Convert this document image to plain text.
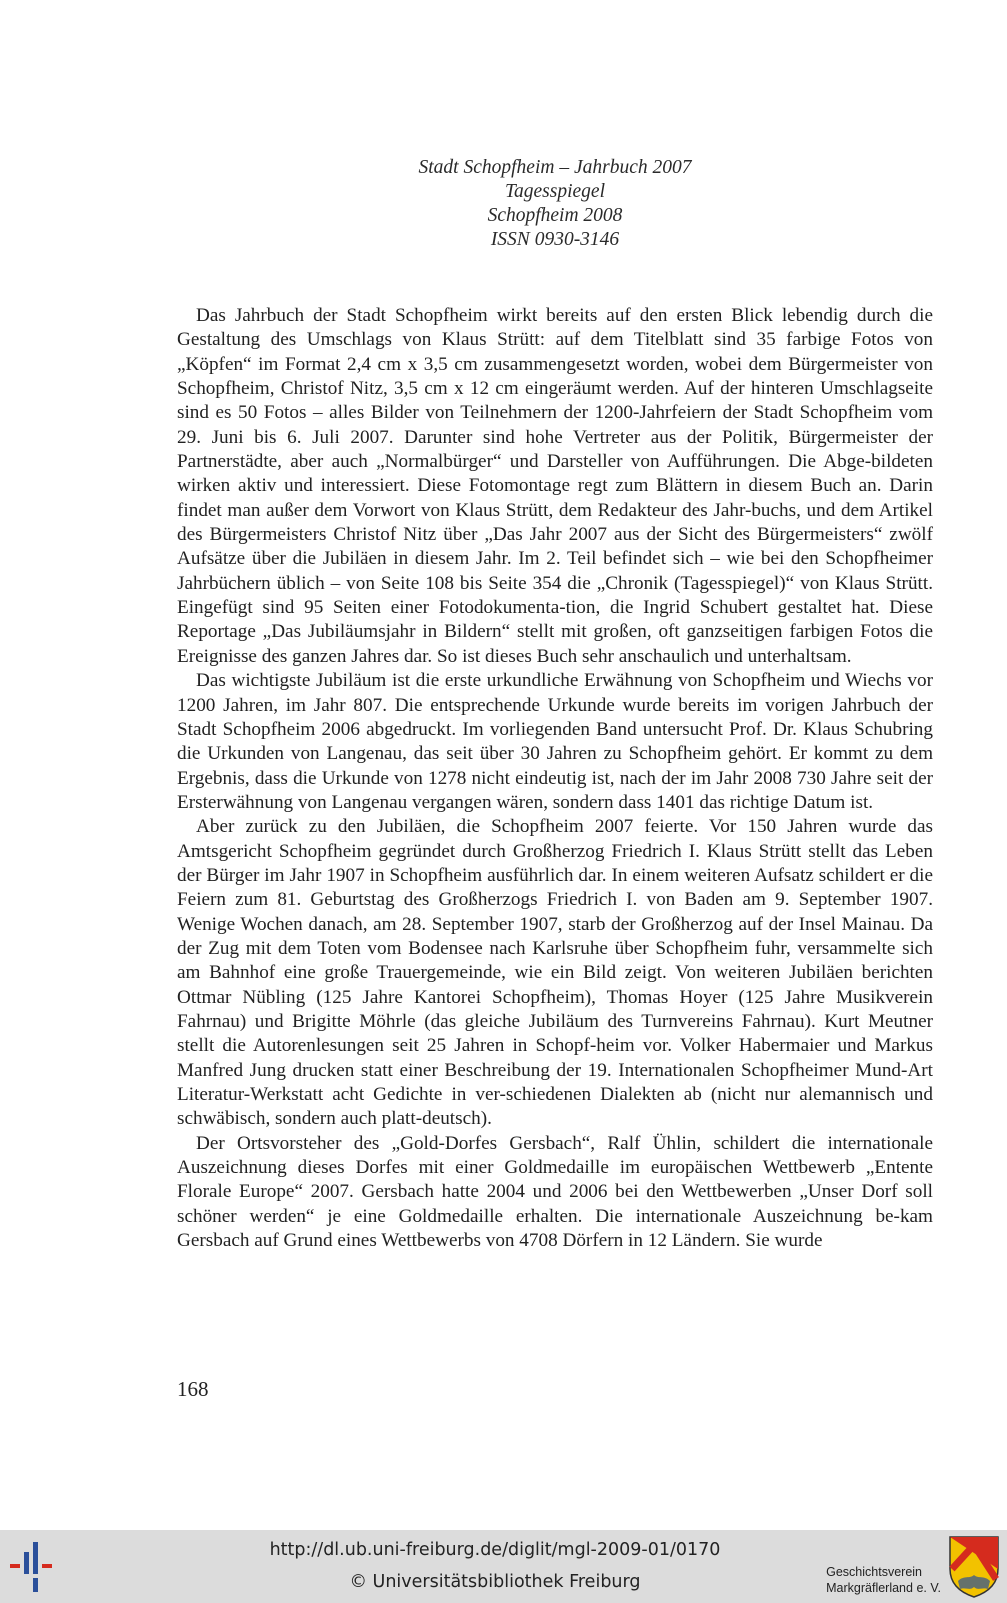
Stadt Schopfheim – Jahrbuch 2007
Tagesspiegel
Schopfheim 2008
ISSN 0930-3146

Das Jahrbuch der Stadt Schopfheim wirkt bereits auf den ersten Blick lebendig durch die Gestaltung des Umschlags von Klaus Strütt: auf dem Titelblatt sind 35 farbige Fotos von „Köpfen“ im Format 2,4 cm x 3,5 cm zusammengesetzt worden, wobei dem Bürgermeister von Schopfheim, Christof Nitz, 3,5 cm x 12 cm eingeräumt werden. Auf der hinteren Umschlagseite sind es 50 Fotos – alles Bilder von Teilnehmern der 1200-Jahrfeiern der Stadt Schopfheim vom 29. Juni bis 6. Juli 2007. Darunter sind hohe Vertreter aus der Politik, Bürgermeister der Partnerstädte, aber auch „Normalbürger“ und Darsteller von Aufführungen. Die Abge-bildeten wirken aktiv und interessiert. Diese Fotomontage regt zum Blättern in diesem Buch an. Darin findet man außer dem Vorwort von Klaus Strütt, dem Redakteur des Jahr-buchs, und dem Artikel des Bürgermeisters Christof Nitz über „Das Jahr 2007 aus der Sicht des Bürgermeisters“ zwölf Aufsätze über die Jubiläen in diesem Jahr. Im 2. Teil befindet sich – wie bei den Schopfheimer Jahrbüchern üblich – von Seite 108 bis Seite 354 die „Chronik (Tagesspiegel)“ von Klaus Strütt. Eingefügt sind 95 Seiten einer Fotodokumenta-tion, die Ingrid Schubert gestaltet hat. Diese Reportage „Das Jubiläumsjahr in Bildern“ stellt mit großen, oft ganzseitigen farbigen Fotos die Ereignisse des ganzen Jahres dar. So ist dieses Buch sehr anschaulich und unterhaltsam.

Das wichtigste Jubiläum ist die erste urkundliche Erwähnung von Schopfheim und Wiechs vor 1200 Jahren, im Jahr 807. Die entsprechende Urkunde wurde bereits im vorigen Jahrbuch der Stadt Schopfheim 2006 abgedruckt. Im vorliegenden Band untersucht Prof. Dr. Klaus Schubring die Urkunden von Langenau, das seit über 30 Jahren zu Schopfheim gehört. Er kommt zu dem Ergebnis, dass die Urkunde von 1278 nicht eindeutig ist, nach der im Jahr 2008 730 Jahre seit der Ersterwähnung von Langenau vergangen wären, sondern dass 1401 das richtige Datum ist.

Aber zurück zu den Jubiläen, die Schopfheim 2007 feierte. Vor 150 Jahren wurde das Amtsgericht Schopfheim gegründet durch Großherzog Friedrich I. Klaus Strütt stellt das Leben der Bürger im Jahr 1907 in Schopfheim ausführlich dar. In einem weiteren Aufsatz schildert er die Feiern zum 81. Geburtstag des Großherzogs Friedrich I. von Baden am 9. September 1907. Wenige Wochen danach, am 28. September 1907, starb der Großherzog auf der Insel Mainau. Da der Zug mit dem Toten vom Bodensee nach Karlsruhe über Schopfheim fuhr, versammelte sich am Bahnhof eine große Trauergemeinde, wie ein Bild zeigt. Von weiteren Jubiläen berichten Ottmar Nübling (125 Jahre Kantorei Schopfheim), Thomas Hoyer (125 Jahre Musikverein Fahrnau) und Brigitte Möhrle (das gleiche Jubiläum des Turnvereins Fahrnau). Kurt Meutner stellt die Autorenlesungen seit 25 Jahren in Schopf-heim vor. Volker Habermaier und Markus Manfred Jung drucken statt einer Beschreibung der 19. Internationalen Schopfheimer Mund-Art Literatur-Werkstatt acht Gedichte in ver-schiedenen Dialekten ab (nicht nur alemannisch und schwäbisch, sondern auch platt-deutsch).

Der Ortsvorsteher des „Gold-Dorfes Gersbach“, Ralf Ühlin, schildert die internationale Auszeichnung dieses Dorfes mit einer Goldmedaille im europäischen Wettbewerb „Entente Florale Europe“ 2007. Gersbach hatte 2004 und 2006 bei den Wettbewerben „Unser Dorf soll schöner werden“ je eine Goldmedaille erhalten. Die internationale Auszeichnung be-kam Gersbach auf Grund eines Wettbewerbs von 4708 Dörfern in 12 Ländern. Sie wurde

168
http://dl.ub.uni-freiburg.de/diglit/mgl-2009-01/0170
© Universitätsbibliothek Freiburg	Geschichtsverein
Markgräflerland e. V.
